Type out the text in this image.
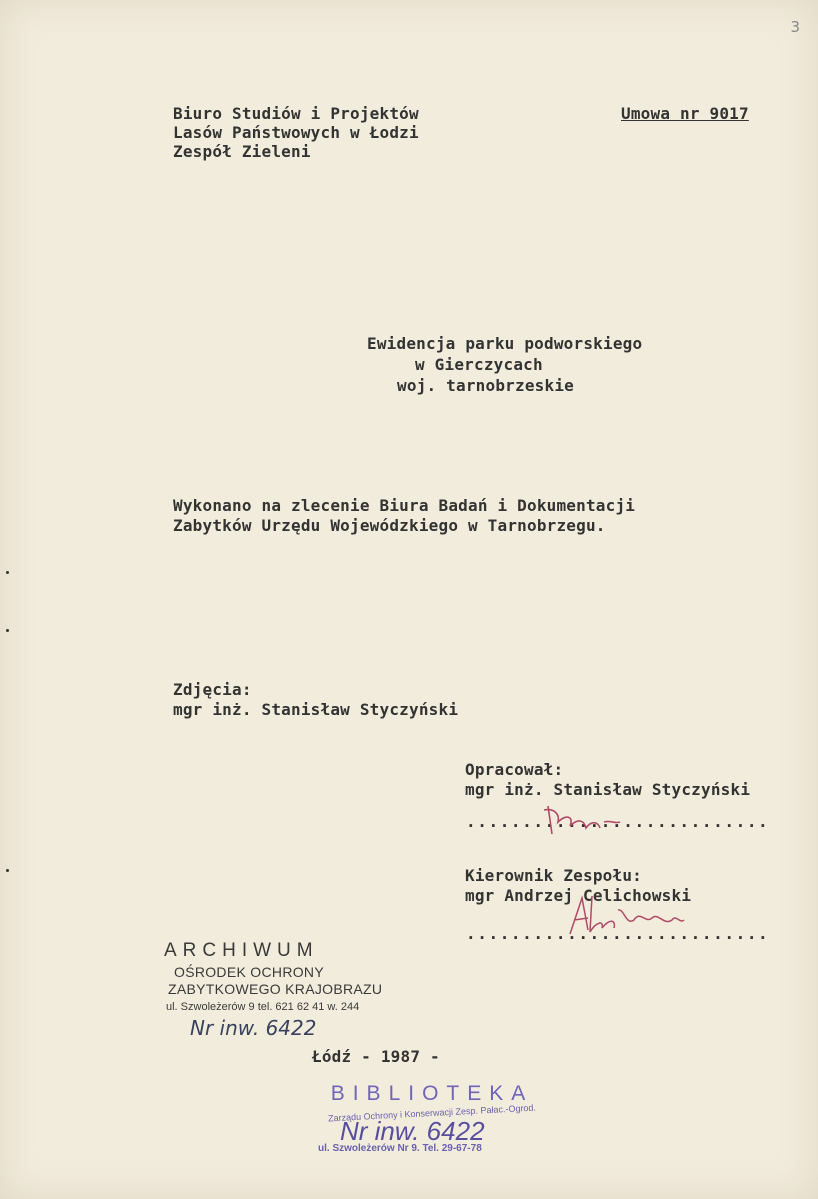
3
Biuro Studiów i Projektów
Lasów Państwowych w Łodzi
Zespół Zieleni
Umowa nr 9017
Ewidencja parku podworskiego
w Gierczycach
woj. tarnobrzeskie
Wykonano na zlecenie Biura Badań i Dokumentacji
Zabytków Urzędu Wojewódzkiego w Tarnobrzegu.
Zdjęcia:
mgr inż. Stanisław Styczyński
Opracował:
mgr inż. Stanisław Styczyński
...........................
Kierownik Zespołu:
mgr Andrzej Celichowski
...........................
ARCHIWUM
OŚRODEK OCHRONY
ZABYTKOWEGO KRAJOBRAZU
ul. Szwoleżerów 9 tel. 621 62 41 w. 244
Nr inw. 6422
Łódź - 1987 -
BIBLIOTEKA
Zarządu Ochrony i Konserwacji Zesp. Pałac.-Ogrod.
Nr inw. 6422
ul. Szwoleżerów Nr 9. Tel. 29-67-78
